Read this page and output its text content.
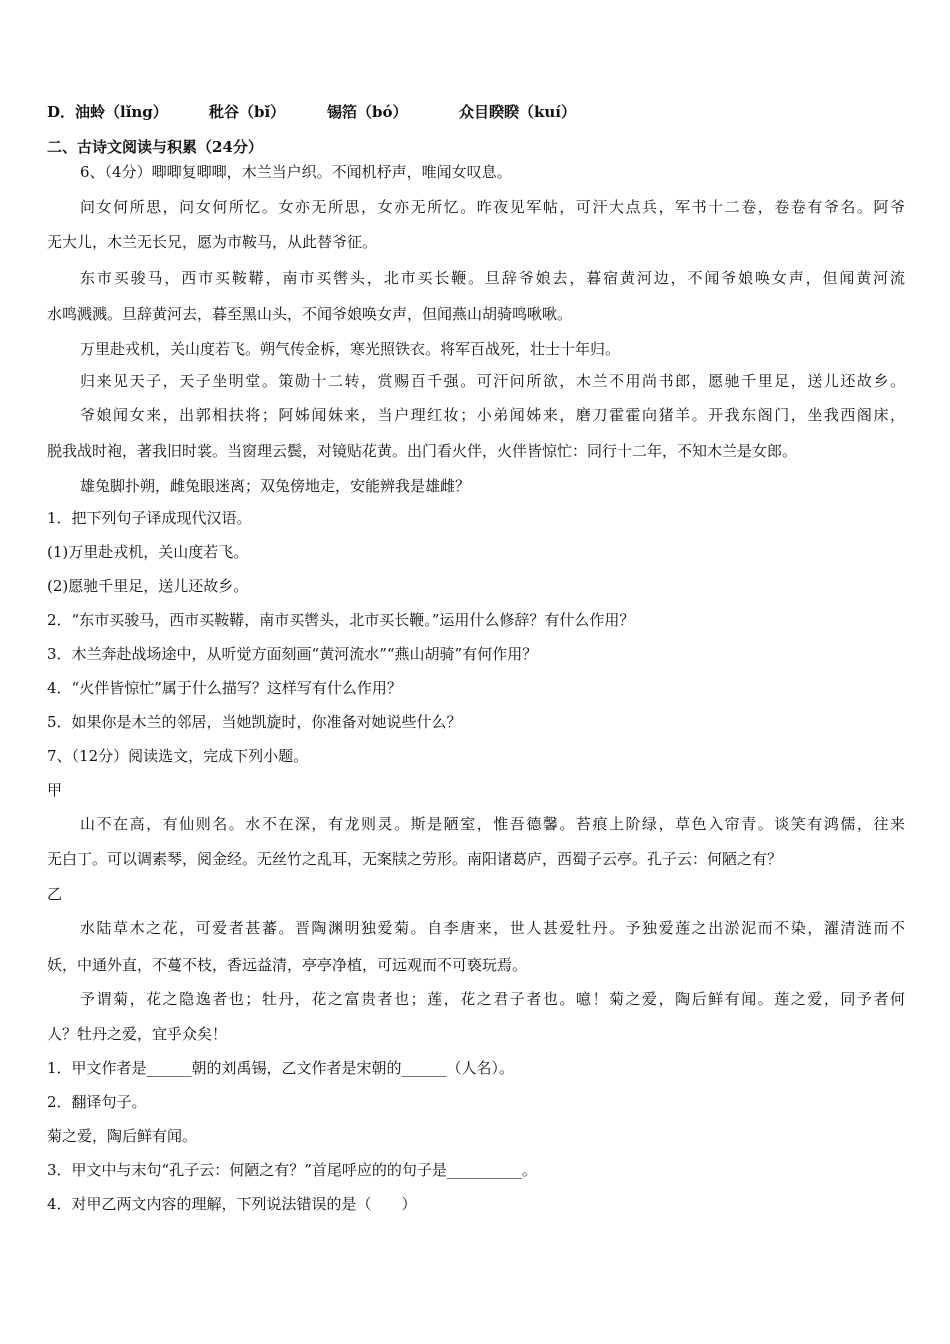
D． 油蛉（lǐng）	秕谷（bǐ）	锡箔（bó）	众目睽睽（kuí）
二、古诗文阅读与积累（24分）
6、（4分）唧唧复唧唧，木兰当户织。不闻机杼声，唯闻女叹息。
问女何所思，问女何所忆。女亦无所思，女亦无所忆。昨夜见军帖，可汗大点兵，军书十二卷，卷卷有爷名。阿爷
无大儿，木兰无长兄，愿为市鞍马，从此替爷征。
东市买骏马，西市买鞍鞯，南市买辔头，北市买长鞭。旦辞爷娘去，暮宿黄河边，不闻爷娘唤女声，但闻黄河流
水鸣溅溅。旦辞黄河去，暮至黑山头，不闻爷娘唤女声，但闻燕山胡骑鸣啾啾。
万里赴戎机，关山度若飞。朔气传金柝，寒光照铁衣。将军百战死，壮士十年归。
归来见天子，天子坐明堂。策勋十二转，赏赐百千强。可汗问所欲，木兰不用尚书郎，愿驰千里足，送儿还故乡。
爷娘闻女来，出郭相扶将；阿姊闻妹来，当户理红妆；小弟闻姊来，磨刀霍霍向猪羊。开我东阁门，坐我西阁床，
脱我战时袍，著我旧时裳。当窗理云鬓，对镜贴花黄。出门看火伴，火伴皆惊忙：同行十二年，不知木兰是女郎。
雄兔脚扑朔，雌兔眼迷离；双兔傍地走，安能辨我是雄雌？
1．把下列句子译成现代汉语。
(1)万里赴戎机，关山度若飞。
(2)愿驰千里足，送儿还故乡。
2．“东市买骏马，西市买鞍鞯，南市买辔头，北市买长鞭。”运用什么修辞？有什么作用？
3．木兰奔赴战场途中，从听觉方面刻画“黄河流水”“燕山胡骑”有何作用？
4．“火伴皆惊忙”属于什么描写？这样写有什么作用？
5．如果你是木兰的邻居，当她凯旋时，你准备对她说些什么？
7、（12分）阅读选文，完成下列小题。
甲
山不在高，有仙则名。水不在深，有龙则灵。斯是陋室，惟吾德馨。苔痕上阶绿，草色入帘青。谈笑有鸿儒，往来
无白丁。可以调素琴，阅金经。无丝竹之乱耳，无案牍之劳形。南阳诸葛庐，西蜀子云亭。孔子云：何陋之有？
乙
水陆草木之花，可爱者甚蕃。晋陶渊明独爱菊。自李唐来，世人甚爱牡丹。予独爱莲之出淤泥而不染，濯清涟而不
妖，中通外直，不蔓不枝，香远益清，亭亭净植，可远观而不可亵玩焉。
予谓菊，花之隐逸者也；牡丹，花之富贵者也；莲，花之君子者也。噫！菊之爱，陶后鲜有闻。莲之爱，同予者何
人？牡丹之爱，宜乎众矣！
1．甲文作者是______朝的刘禹锡，乙文作者是宋朝的______（人名）。
2．翻译句子。
菊之爱，陶后鲜有闻。
3．甲文中与末句“孔子云：何陋之有？”首尾呼应的的句子是__________。
4．对甲乙两文内容的理解，下列说法错误的是（　　）
